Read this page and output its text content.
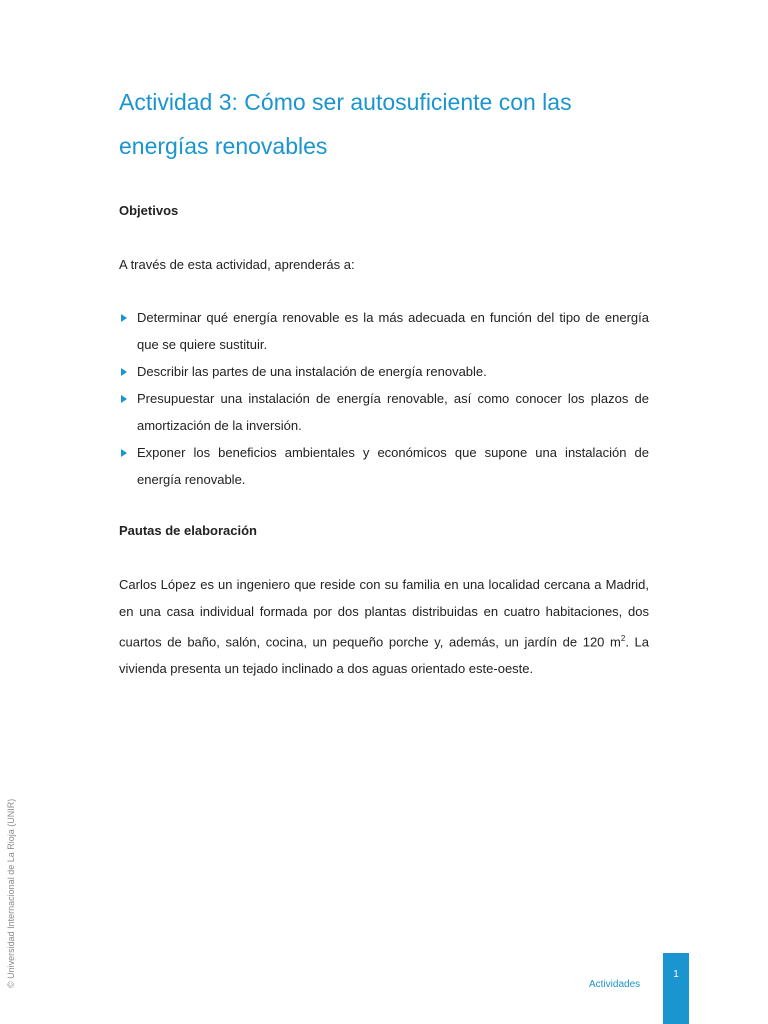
Actividad 3: Cómo ser autosuficiente con las
energías renovables
Objetivos

A través de esta actividad, aprenderás a:

Determinar qué energía renovable es la más adecuada en función del tipo de energía que se quiere sustituir.
Describir las partes de una instalación de energía renovable.
Presupuestar una instalación de energía renovable, así como conocer los plazos de amortización de la inversión.
Exponer los beneficios ambientales y económicos que supone una instalación de energía renovable.
Pautas de elaboración

Carlos López es un ingeniero que reside con su familia en una localidad cercana a Madrid, en una casa individual formada por dos plantas distribuidas en cuatro habitaciones, dos cuartos de baño, salón, cocina, un pequeño porche y, además, un jardín de 120 $m^2$. La vivienda presenta un tejado inclinado a dos aguas orientado este-oeste.

© Universidad Internacional de La Rioja (UNIR)	Actividades
1
